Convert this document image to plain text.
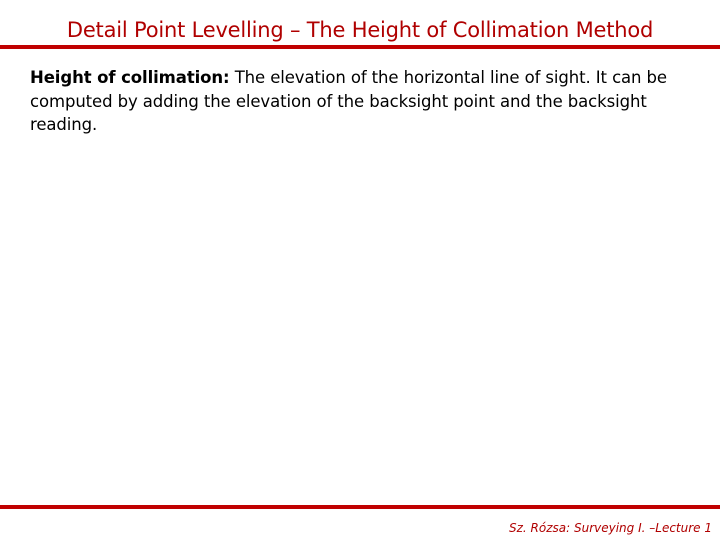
Detail Point Levelling – The Height of Collimation Method
Height of collimation: The elevation of the horizontal line of sight. It can be computed by adding the elevation of the backsight point and the backsight reading.
Sz. Rózsa: Surveying I. –Lecture 1
